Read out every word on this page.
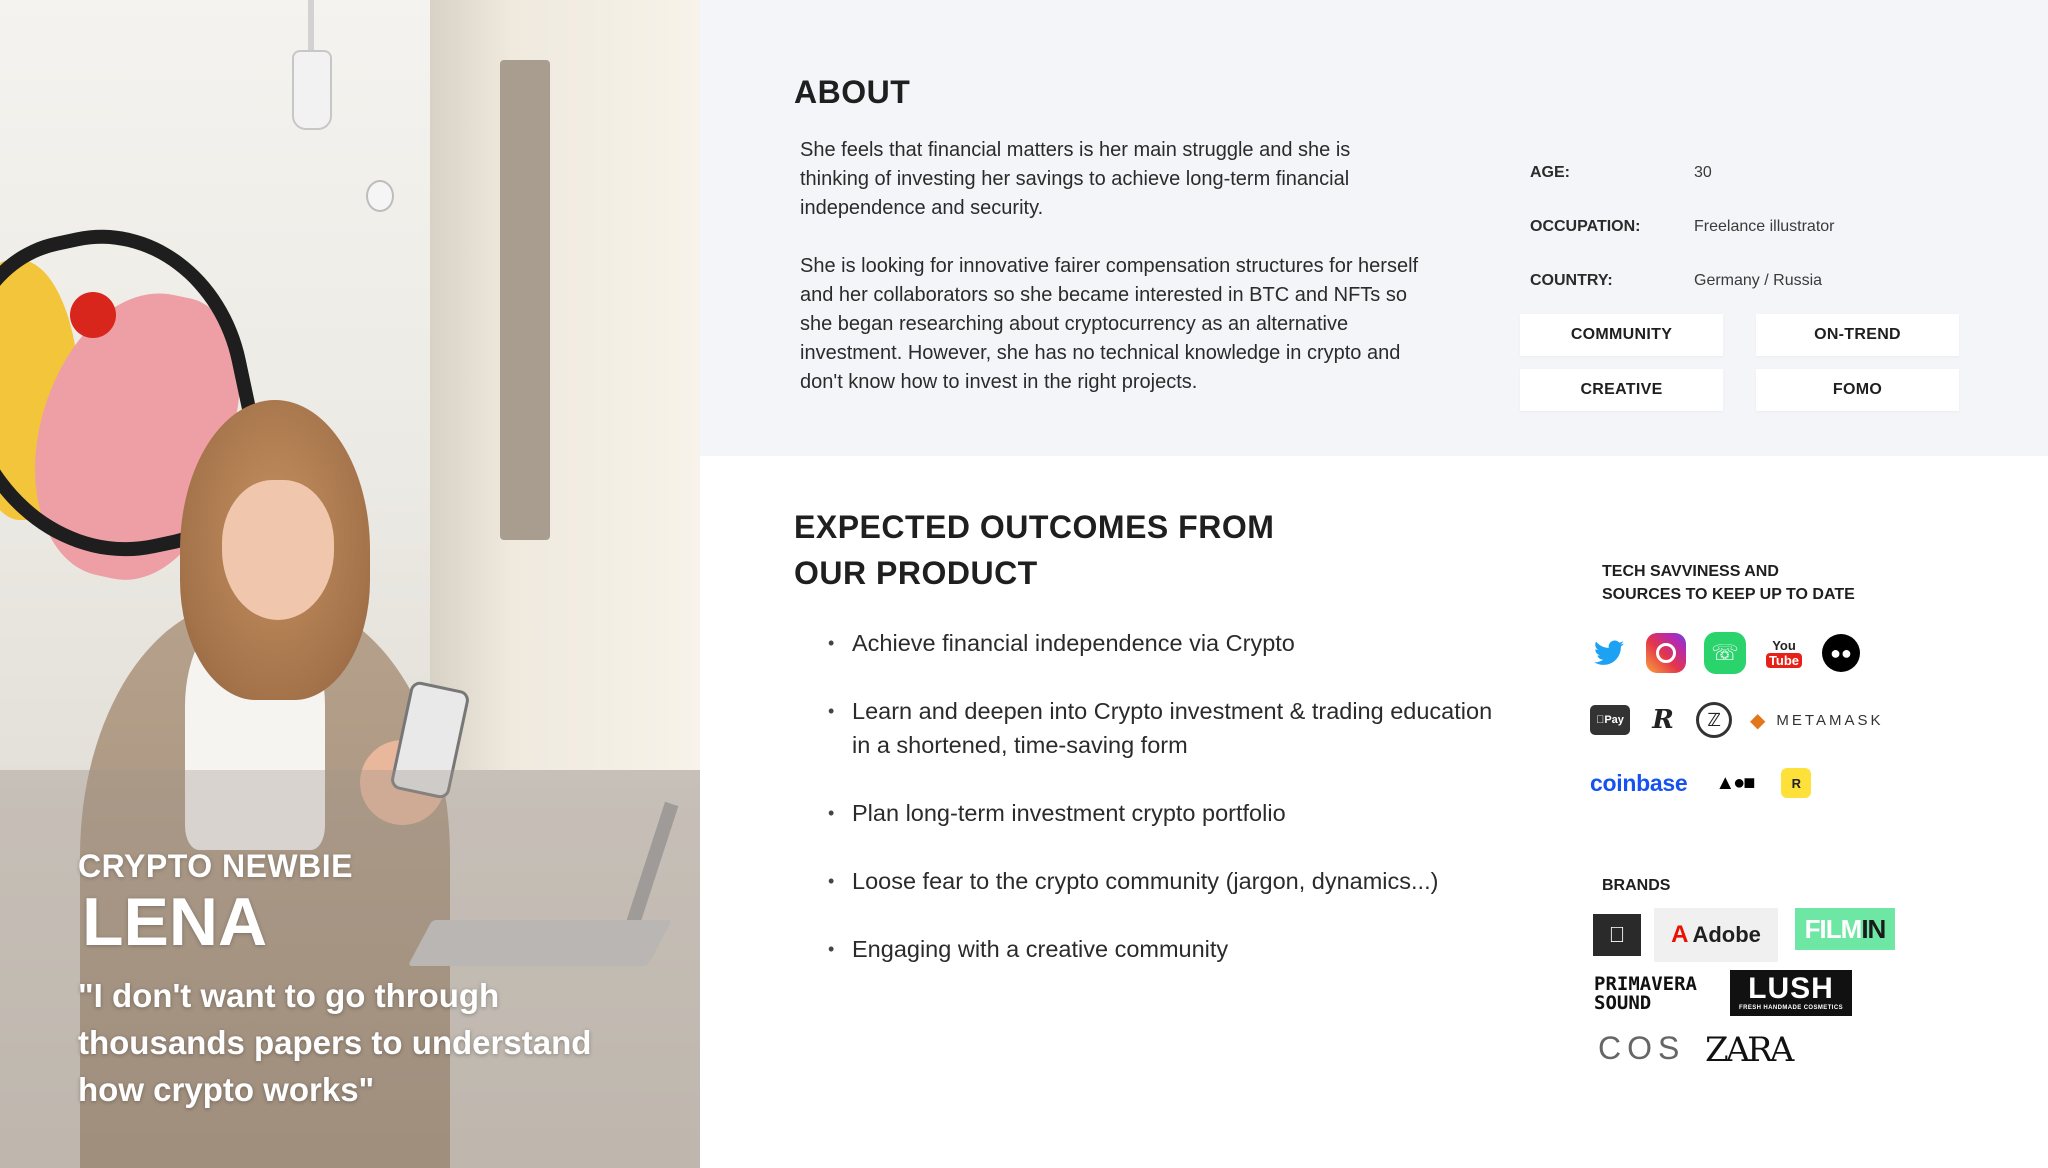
CRYPTO NEWBIE
LENA
"I don't want to go through thousands papers to understand how crypto works"
ABOUT

She feels that financial matters is her main struggle and she is thinking of investing her savings to achieve long-term financial independence and security.

She is looking for innovative fairer compensation structures for herself and her collaborators so she became interested in BTC and NFTs so she began researching about cryptocurrency as an alternative investment. However, she has no technical knowledge in crypto and don't know how to invest in the right projects.

AGE:	30
OCCUPATION:	Freelance illustrator
COUNTRY:	Germany / Russia
COMMUNITY	ON-TREND
CREATIVE	FOMO
EXPECTED OUTCOMES FROM
OUR PRODUCT
• Achieve financial independence via Crypto
• Learn and deepen into Crypto investment & trading education in a shortened, time-saving form
• Plan long-term investment crypto portfolio
• Loose fear to the crypto community (jargon, dynamics...)
• Engaging with a creative community
TECH SAVVINESS AND
SOURCES TO KEEP UP TO DATE
☏	You
Tube	●●
Pay R	ℤ	◆ METAMASK
coinbase ▲●■	R
BRANDS
A Adobe FILM IN
PRIMAVERA
SOUND	LUSH
FRESH HANDMADE COSMETICS
COS ZARA
